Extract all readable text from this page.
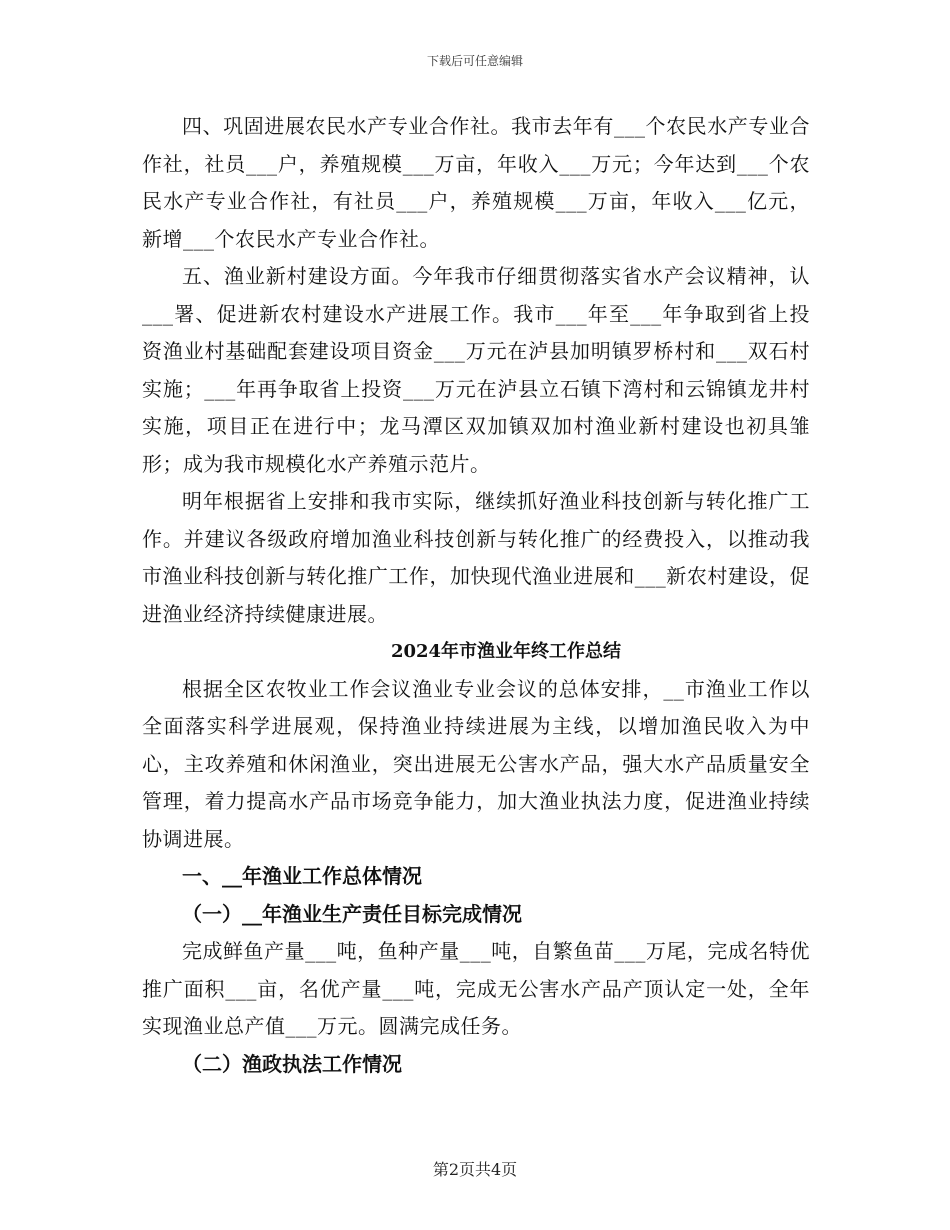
下载后可任意编辑

四、巩固进展农民水产专业合作社。我市去年有___个农民水产专业合作社，社员___户，养殖规模___万亩，年收入___万元；今年达到___个农民水产专业合作社，有社员___户，养殖规模___万亩，年收入___亿元，新增___个农民水产专业合作社。

五、渔业新村建设方面。今年我市仔细贯彻落实省水产会议精神，认___署、促进新农村建设水产进展工作。我市___年至___年争取到省上投资渔业村基础配套建设项目资金___万元在泸县加明镇罗桥村和___双石村实施；___年再争取省上投资___万元在泸县立石镇下湾村和云锦镇龙井村实施，项目正在进行中；龙马潭区双加镇双加村渔业新村建设也初具雏形；成为我市规模化水产养殖示范片。

明年根据省上安排和我市实际，继续抓好渔业科技创新与转化推广工作。并建议各级政府增加渔业科技创新与转化推广的经费投入，以推动我市渔业科技创新与转化推广工作，加快现代渔业进展和___新农村建设，促进渔业经济持续健康进展。

2024年市渔业年终工作总结

根据全区农牧业工作会议渔业专业会议的总体安排，__市渔业工作以全面落实科学进展观，保持渔业持续进展为主线，以增加渔民收入为中心，主攻养殖和休闲渔业，突出进展无公害水产品，强大水产品质量安全管理，着力提高水产品市场竞争能力，加大渔业执法力度，促进渔业持续协调进展。

一、__年渔业工作总体情况
（一）__年渔业生产责任目标完成情况

完成鲜鱼产量___吨，鱼种产量___吨，自繁鱼苗___万尾，完成名特优推广面积___亩，名优产量___吨，完成无公害水产品产顶认定一处，全年实现渔业总产值___万元。圆满完成任务。

（二）渔政执法工作情况
第2页共4页
